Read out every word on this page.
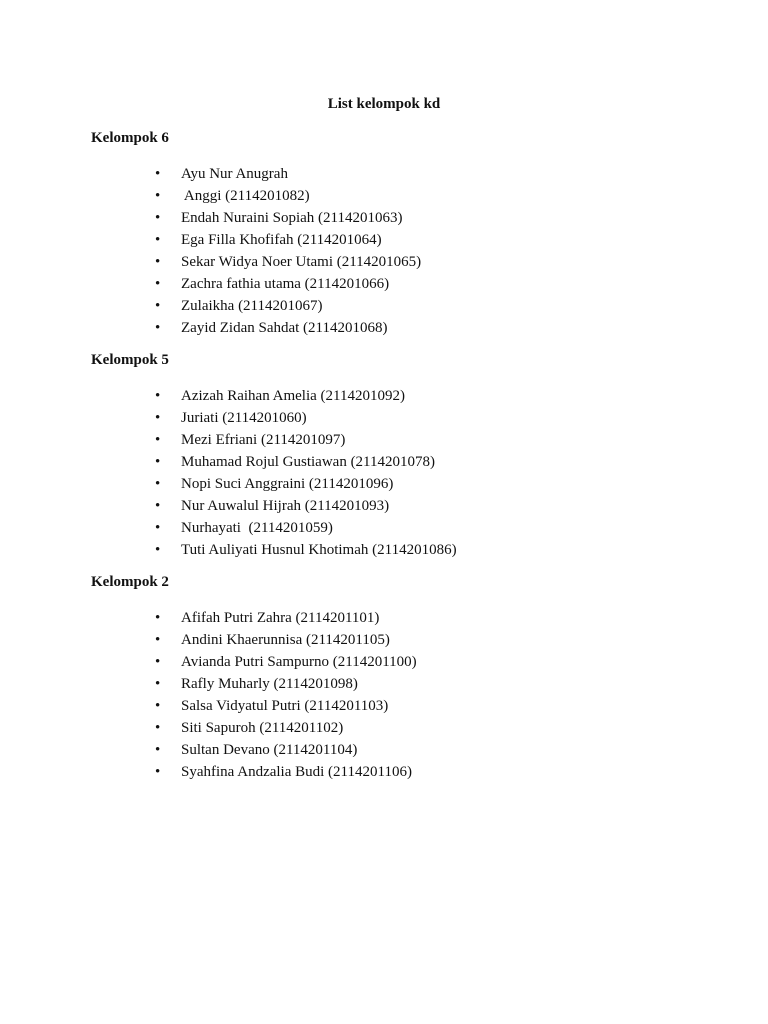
List kelompok kd
Kelompok 6
• Ayu Nur Anugrah
• Anggi (2114201082)
• Endah Nuraini Sopiah (2114201063)
• Ega Filla Khofifah (2114201064)
• Sekar Widya Noer Utami (2114201065)
• Zachra fathia utama (2114201066)
• Zulaikha (2114201067)
• Zayid Zidan Sahdat (2114201068)
Kelompok 5
• Azizah Raihan Amelia (2114201092)
• Juriati (2114201060)
• Mezi Efriani (2114201097)
• Muhamad Rojul Gustiawan (2114201078)
• Nopi Suci Anggraini (2114201096)
• Nur Auwalul Hijrah (2114201093)
• Nurhayati  (2114201059)
• Tuti Auliyati Husnul Khotimah (2114201086)
Kelompok 2
• Afifah Putri Zahra (2114201101)
• Andini Khaerunnisa (2114201105)
• Avianda Putri Sampurno (2114201100)
• Rafly Muharly (2114201098)
• Salsa Vidyatul Putri (2114201103)
• Siti Sapuroh (2114201102)
• Sultan Devano (2114201104)
• Syahfina Andzalia Budi (2114201106)
